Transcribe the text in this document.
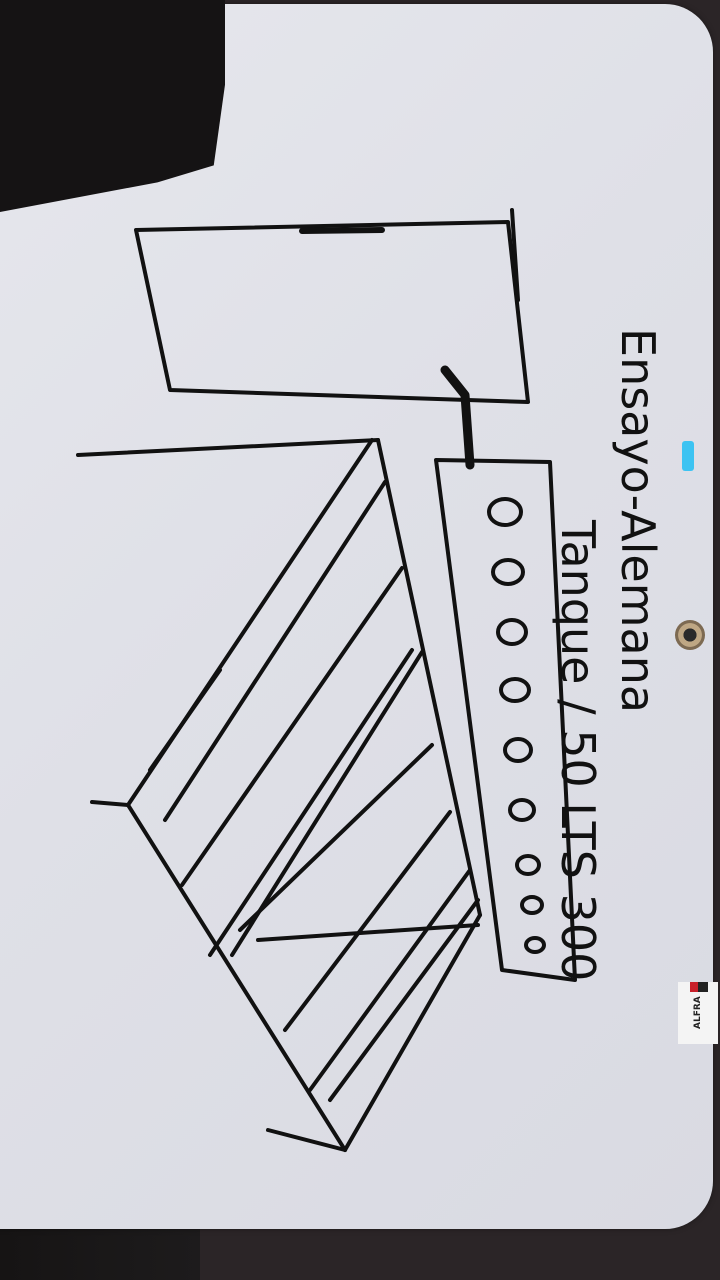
ALFRA
Ensayo-Alemana
Tanque / 50 LTS 300
